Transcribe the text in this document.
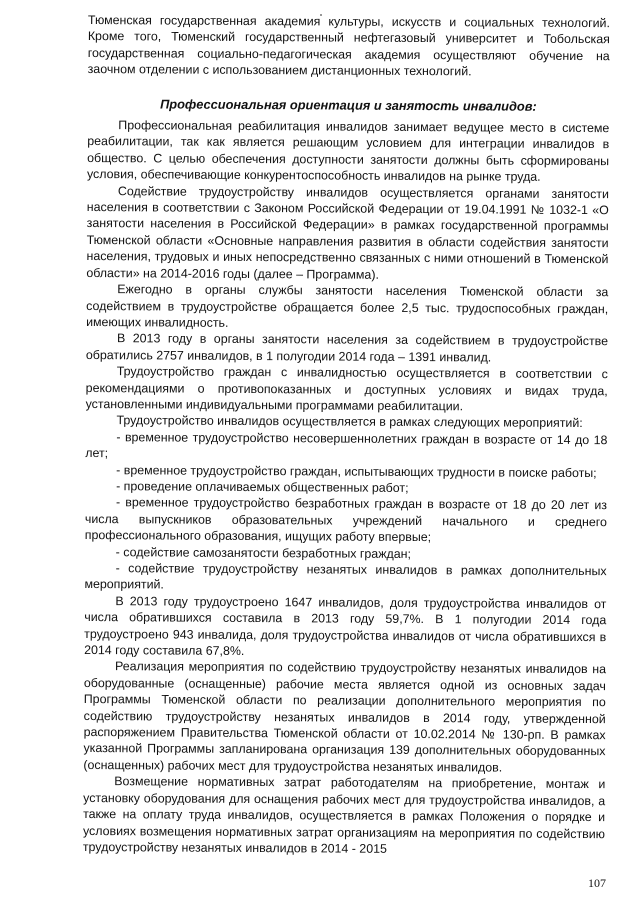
Тюменская государственная академия культуры, искусств и социальных технологий. Кроме того, Тюменский государственный нефтегазовый университет и Тобольская государственная социально-педагогическая академия осуществляют обучение на заочном отделении с использованием дистанционных технологий.

Профессиональная ориентация и занятость инвалидов:

Профессиональная реабилитация инвалидов занимает ведущее место в системе реабилитации, так как является решающим условием для интеграции инвалидов в общество. С целью обеспечения доступности занятости должны быть сформированы условия, обеспечивающие конкурентоспособность инвалидов на рынке труда.

Содействие трудоустройству инвалидов осуществляется органами занятости населения в соответствии с Законом Российской Федерации от 19.04.1991 № 1032-1 «О занятости населения в Российской Федерации» в рамках государственной программы Тюменской области «Основные направления развития в области содействия занятости населения, трудовых и иных непосредственно связанных с ними отношений в Тюменской области» на 2014-2016 годы (далее – Программа).

Ежегодно в органы службы занятости населения Тюменской области за содействием в трудоустройстве обращается более 2,5 тыс. трудоспособных граждан, имеющих инвалидность.

В 2013 году в органы занятости населения за содействием в трудоустройстве обратились 2757 инвалидов, в 1 полугодии 2014 года – 1391 инвалид.

Трудоустройство граждан с инвалидностью осуществляется в соответствии с рекомендациями о противопоказанных и доступных условиях и видах труда, установленными индивидуальными программами реабилитации.

Трудоустройство инвалидов осуществляется в рамках следующих мероприятий:

- временное трудоустройство несовершеннолетних граждан в возрасте от 14 до 18 лет;

- временное трудоустройство граждан, испытывающих трудности в поиске работы;

- проведение оплачиваемых общественных работ;

- временное трудоустройство безработных граждан в возрасте от 18 до 20 лет из числа выпускников образовательных учреждений начального и среднего профессионального образования, ищущих работу впервые;

- содействие самозанятости безработных граждан;

- содействие трудоустройству незанятых инвалидов в рамках дополнительных мероприятий.

В 2013 году трудоустроено 1647 инвалидов, доля трудоустройства инвалидов от числа обратившихся составила в 2013 году 59,7%. В 1 полугодии 2014 года трудоустроено 943 инвалида, доля трудоустройства инвалидов от числа обратившихся в 2014 году составила 67,8%.

Реализация мероприятия по содействию трудоустройству незанятых инвалидов на оборудованные (оснащенные) рабочие места является одной из основных задач Программы Тюменской области по реализации дополнительного мероприятия по содействию трудоустройству незанятых инвалидов в 2014 году, утвержденной распоряжением Правительства Тюменской области от 10.02.2014 № 130-рп. В рамках указанной Программы запланирована организация 139 дополнительных оборудованных (оснащенных) рабочих мест для трудоустройства незанятых инвалидов.

Возмещение нормативных затрат работодателям на приобретение, монтаж и установку оборудования для оснащения рабочих мест для трудоустройства инвалидов, а также на оплату труда инвалидов, осуществляется в рамках Положения о порядке и условиях возмещения нормативных затрат организациям на мероприятия по содействию трудоустройству незанятых инвалидов в 2014 - 2015

107
